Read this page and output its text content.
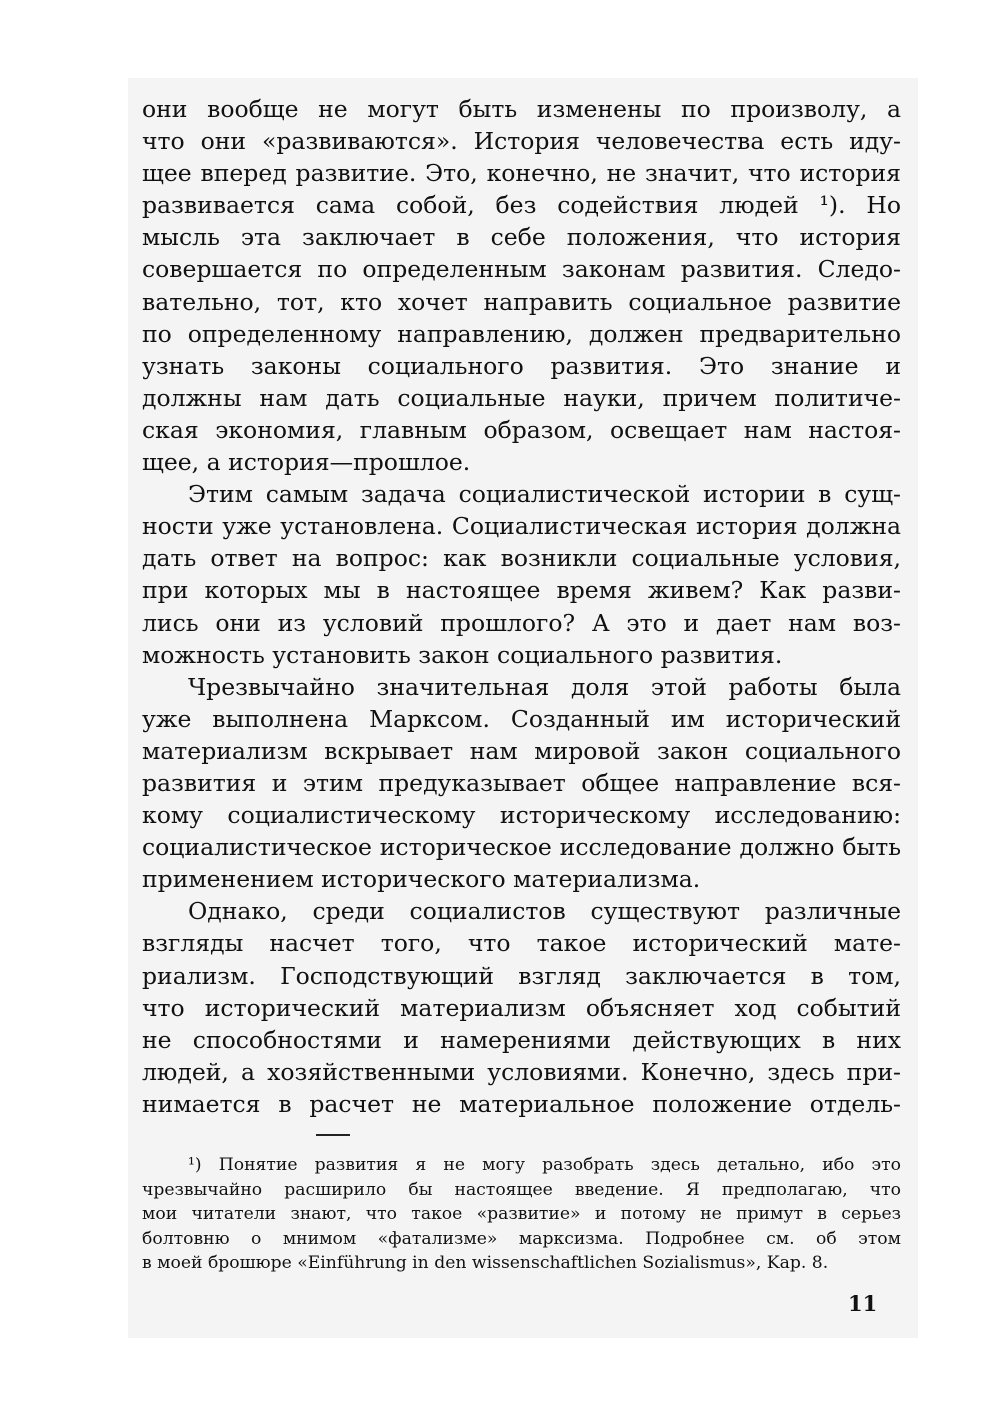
они вообще не могут быть изменены по произволу, а
что они «развиваются». История человечества есть иду-
щее вперед развитие. Это, конечно, не значит, что история
развивается сама собой, без содействия людей ¹). Но
мысль эта заключает в себе положения, что история
совершается по определенным законам развития. Следо-
вательно, тот, кто хочет направить социальное развитие
по определенному направлению, должен предварительно
узнать законы социального развития. Это знание и
должны нам дать социальные науки, причем политиче-
ская экономия, главным образом, освещает нам настоя-
щее, а история—прошлое.
Этим самым задача социалистической истории в сущ-
ности уже установлена. Социалистическая история должна
дать ответ на вопрос: как возникли социальные условия,
при которых мы в настоящее время живем? Как разви-
лись они из условий прошлого? А это и дает нам воз-
можность установить закон социального развития.
Чрезвычайно значительная доля этой работы была
уже выполнена Марксом. Созданный им исторический
материализм вскрывает нам мировой закон социального
развития и этим предуказывает общее направление вся-
кому социалистическому историческому исследованию:
социалистическое историческое исследование должно быть
применением исторического материализма.
Однако, среди социалистов существуют различные
взгляды насчет того, что такое исторический мате-
риализм. Господствующий взгляд заключается в том,
что исторический материализм объясняет ход событий
не способностями и намерениями действующих в них
людей, а хозяйственными условиями. Конечно, здесь при-
нимается в расчет не материальное положение отдель-
¹) Понятие развития я не могу разобрать здесь детально, ибо это
чрезвычайно расширило бы настоящее введение. Я предполагаю, что
мои читатели знают, что такое «развитие» и потому не примут в серьез
болтовню о мнимом «фатализме» марксизма. Подробнее см. об этом
в моей брошюре «Einführung in den wissenschaftlichen Sozialismus», Kap. 8.
11
